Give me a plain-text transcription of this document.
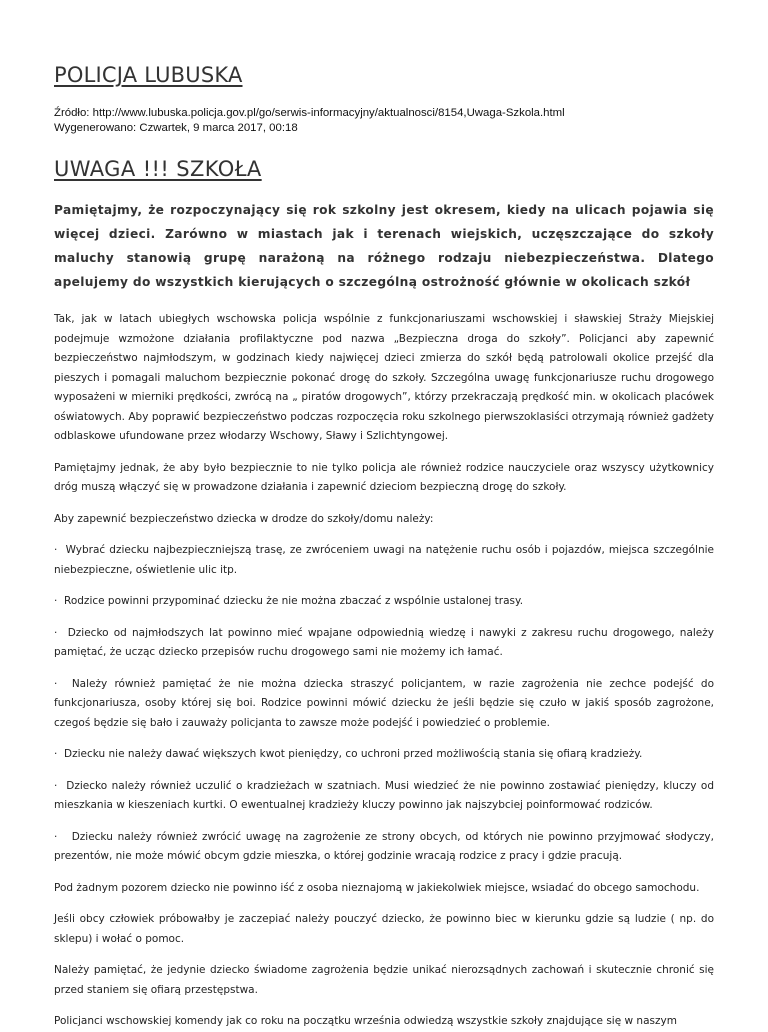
POLICJA LUBUSKA
Źródło: http://www.lubuska.policja.gov.pl/go/serwis-informacyjny/aktualnosci/8154,Uwaga-Szkola.html
Wygenerowano: Czwartek, 9 marca 2017, 00:18
UWAGA !!! SZKOŁA
Pamiętajmy, że rozpoczynający się rok szkolny jest okresem, kiedy na ulicach pojawia się więcej dzieci. Zarówno w miastach jak i terenach wiejskich, uczęszczające do szkoły maluchy stanowią grupę narażoną na różnego rodzaju niebezpieczeństwa. Dlatego apelujemy do wszystkich kierujących o szczególną ostrożność głównie w okolicach szkół

Tak, jak w latach ubiegłych wschowska policja wspólnie z funkcjonariuszami wschowskiej i sławskiej Straży Miejskiej podejmuje wzmożone działania profilaktyczne pod nazwa „Bezpieczna droga do szkoły”. Policjanci aby zapewnić bezpieczeństwo najmłodszym, w godzinach kiedy najwięcej dzieci zmierza do szkół będą patrolowali okolice przejść dla pieszych i pomagali maluchom bezpiecznie pokonać drogę do szkoły. Szczególna uwagę funkcjonariusze ruchu drogowego wyposażeni w mierniki prędkości, zwrócą na „ piratów drogowych”, którzy przekraczają prędkość min. w okolicach placówek oświatowych. Aby poprawić bezpieczeństwo podczas rozpoczęcia roku szkolnego pierwszoklasiści otrzymają również gadżety odblaskowe ufundowane przez włodarzy Wschowy, Sławy i Szlichtyngowej.

Pamiętajmy jednak, że aby było bezpiecznie to nie tylko policja ale również rodzice nauczyciele oraz wszyscy użytkownicy dróg muszą włączyć się w prowadzone działania i zapewnić dzieciom bezpieczną drogę do szkoły.

Aby zapewnić bezpieczeństwo dziecka w drodze do szkoły/domu należy:

·  Wybrać dziecku najbezpieczniejszą trasę, ze zwróceniem uwagi na natężenie ruchu osób i pojazdów, miejsca szczególnie niebezpieczne, oświetlenie ulic itp.

·  Rodzice powinni przypominać dziecku że nie można zbaczać z wspólnie ustalonej trasy.

·  Dziecko od najmłodszych lat powinno mieć wpajane odpowiednią wiedzę i nawyki z zakresu ruchu drogowego, należy pamiętać, że ucząc dziecko przepisów ruchu drogowego sami nie możemy ich łamać.

·  Należy również pamiętać że nie można dziecka straszyć policjantem, w razie zagrożenia nie zechce podejść do funkcjonariusza, osoby której się boi. Rodzice powinni mówić dziecku że jeśli będzie się czuło w jakiś sposób zagrożone, czegoś będzie się bało i zauważy policjanta to zawsze może podejść i powiedzieć o problemie.

·  Dziecku nie należy dawać większych kwot pieniędzy, co uchroni przed możliwością stania się ofiarą kradzieży.

·  Dziecko należy również uczulić o kradzieżach w szatniach. Musi wiedzieć że nie powinno zostawiać pieniędzy, kluczy od mieszkania w kieszeniach kurtki. O ewentualnej kradzieży kluczy powinno jak najszybciej poinformować rodziców.

·   Dziecku należy również zwrócić uwagę na zagrożenie ze strony obcych, od których nie powinno przyjmować słodyczy, prezentów, nie może mówić obcym gdzie mieszka, o której godzinie wracają rodzice z pracy i gdzie pracują.

Pod żadnym pozorem dziecko nie powinno iść z osoba nieznajomą w jakiekolwiek miejsce, wsiadać do obcego samochodu.

Jeśli obcy człowiek próbowałby je zaczepiać należy pouczyć dziecko, że powinno biec w kierunku gdzie są ludzie ( np. do sklepu) i wołać o pomoc.

Należy pamiętać, że jedynie dziecko świadome zagrożenia będzie unikać nierozsądnych zachowań i skutecznie chronić się przed staniem się ofiarą przestępstwa.

Policjanci wschowskiej komendy jak co roku na początku września odwiedzą wszystkie szkoły znajdujące się w naszym
